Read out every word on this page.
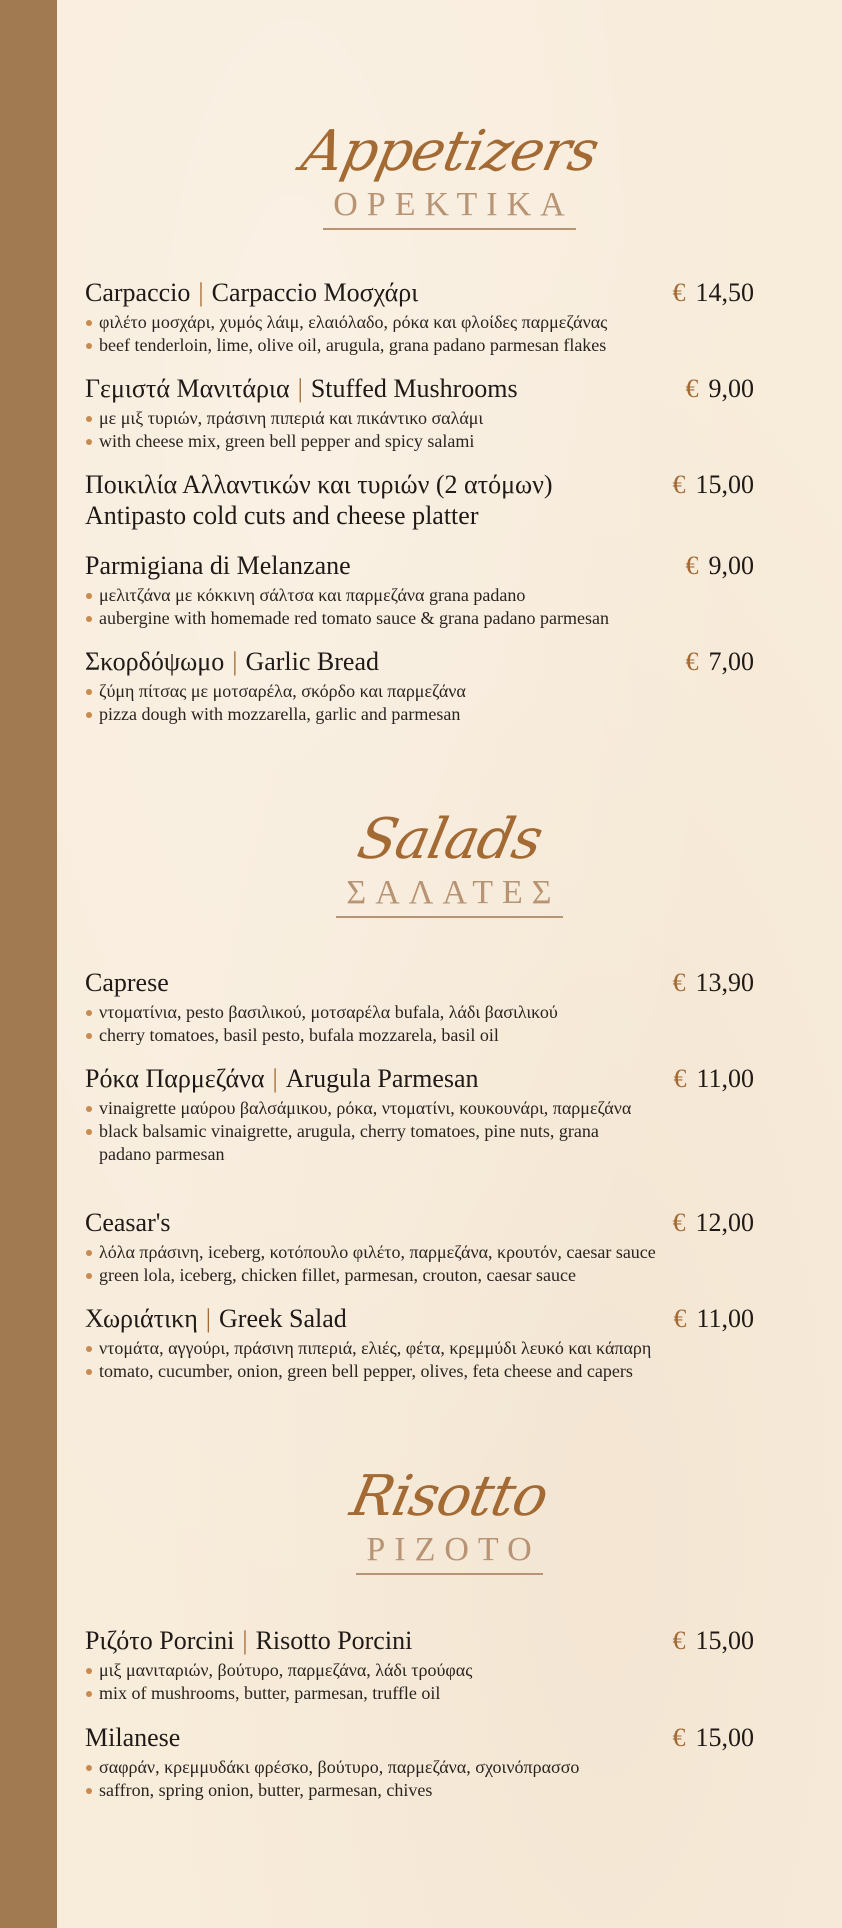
Appetizers
ΟΡΕΚΤΙΚΑ
Carpaccio | Carpaccio Μοσχάρι	€ 14,50
φιλέτο μοσχάρι, χυμός λάιμ, ελαιόλαδο, ρόκα και φλοίδες παρμεζάνας
beef tenderloin, lime, olive oil, arugula, grana padano parmesan flakes
Γεμιστά Μανιτάρια | Stuffed Mushrooms	€ 9,00
με μιξ τυριών, πράσινη πιπεριά και πικάντικο σαλάμι
with cheese mix, green bell pepper and spicy salami
Ποικιλία Αλλαντικών και τυριών (2 ατόμων)	€ 15,00
Antipasto cold cuts and cheese platter
Parmigiana di Melanzane	€ 9,00
μελιτζάνα με κόκκινη σάλτσα και παρμεζάνα grana padano
aubergine with homemade red tomato sauce & grana padano parmesan
Σκορδόψωμο | Garlic Bread	€ 7,00
ζύμη πίτσας με μοτσαρέλα, σκόρδο και παρμεζάνα
pizza dough with mozzarella, garlic and parmesan
Salads
ΣΑΛΑΤΕΣ
Caprese	€ 13,90
ντοματίνια, pesto βασιλικού, μοτσαρέλα bufala, λάδι βασιλικού
cherry tomatoes, basil pesto, bufala mozzarela, basil oil
Ρόκα Παρμεζάνα | Arugula Parmesan	€ 11,00
vinaigrette μαύρου βαλσάμικου, ρόκα, ντοματίνι, κουκουνάρι, παρμεζάνα
black balsamic vinaigrette, arugula, cherry tomatoes, pine nuts, grana padano parmesan
Ceasar's	€ 12,00
λόλα πράσινη, iceberg, κοτόπουλο φιλέτο, παρμεζάνα, κρουτόν, caesar sauce
green lola, iceberg, chicken fillet, parmesan, crouton, caesar sauce
Χωριάτικη | Greek Salad	€ 11,00
ντομάτα, αγγούρι, πράσινη πιπεριά, ελιές, φέτα, κρεμμύδι λευκό και κάπαρη
tomato, cucumber, onion, green bell pepper, olives, feta cheese and capers
Risotto
ΡΙΖΟΤΟ
Ριζότο Porcini | Risotto Porcini	€ 15,00
μιξ μανιταριών, βούτυρο, παρμεζάνα, λάδι τρούφας
mix of mushrooms, butter, parmesan, truffle oil
Milanese	€ 15,00
σαφράν, κρεμμυδάκι φρέσκο, βούτυρο, παρμεζάνα, σχοινόπρασσο
saffron, spring onion, butter, parmesan, chives
